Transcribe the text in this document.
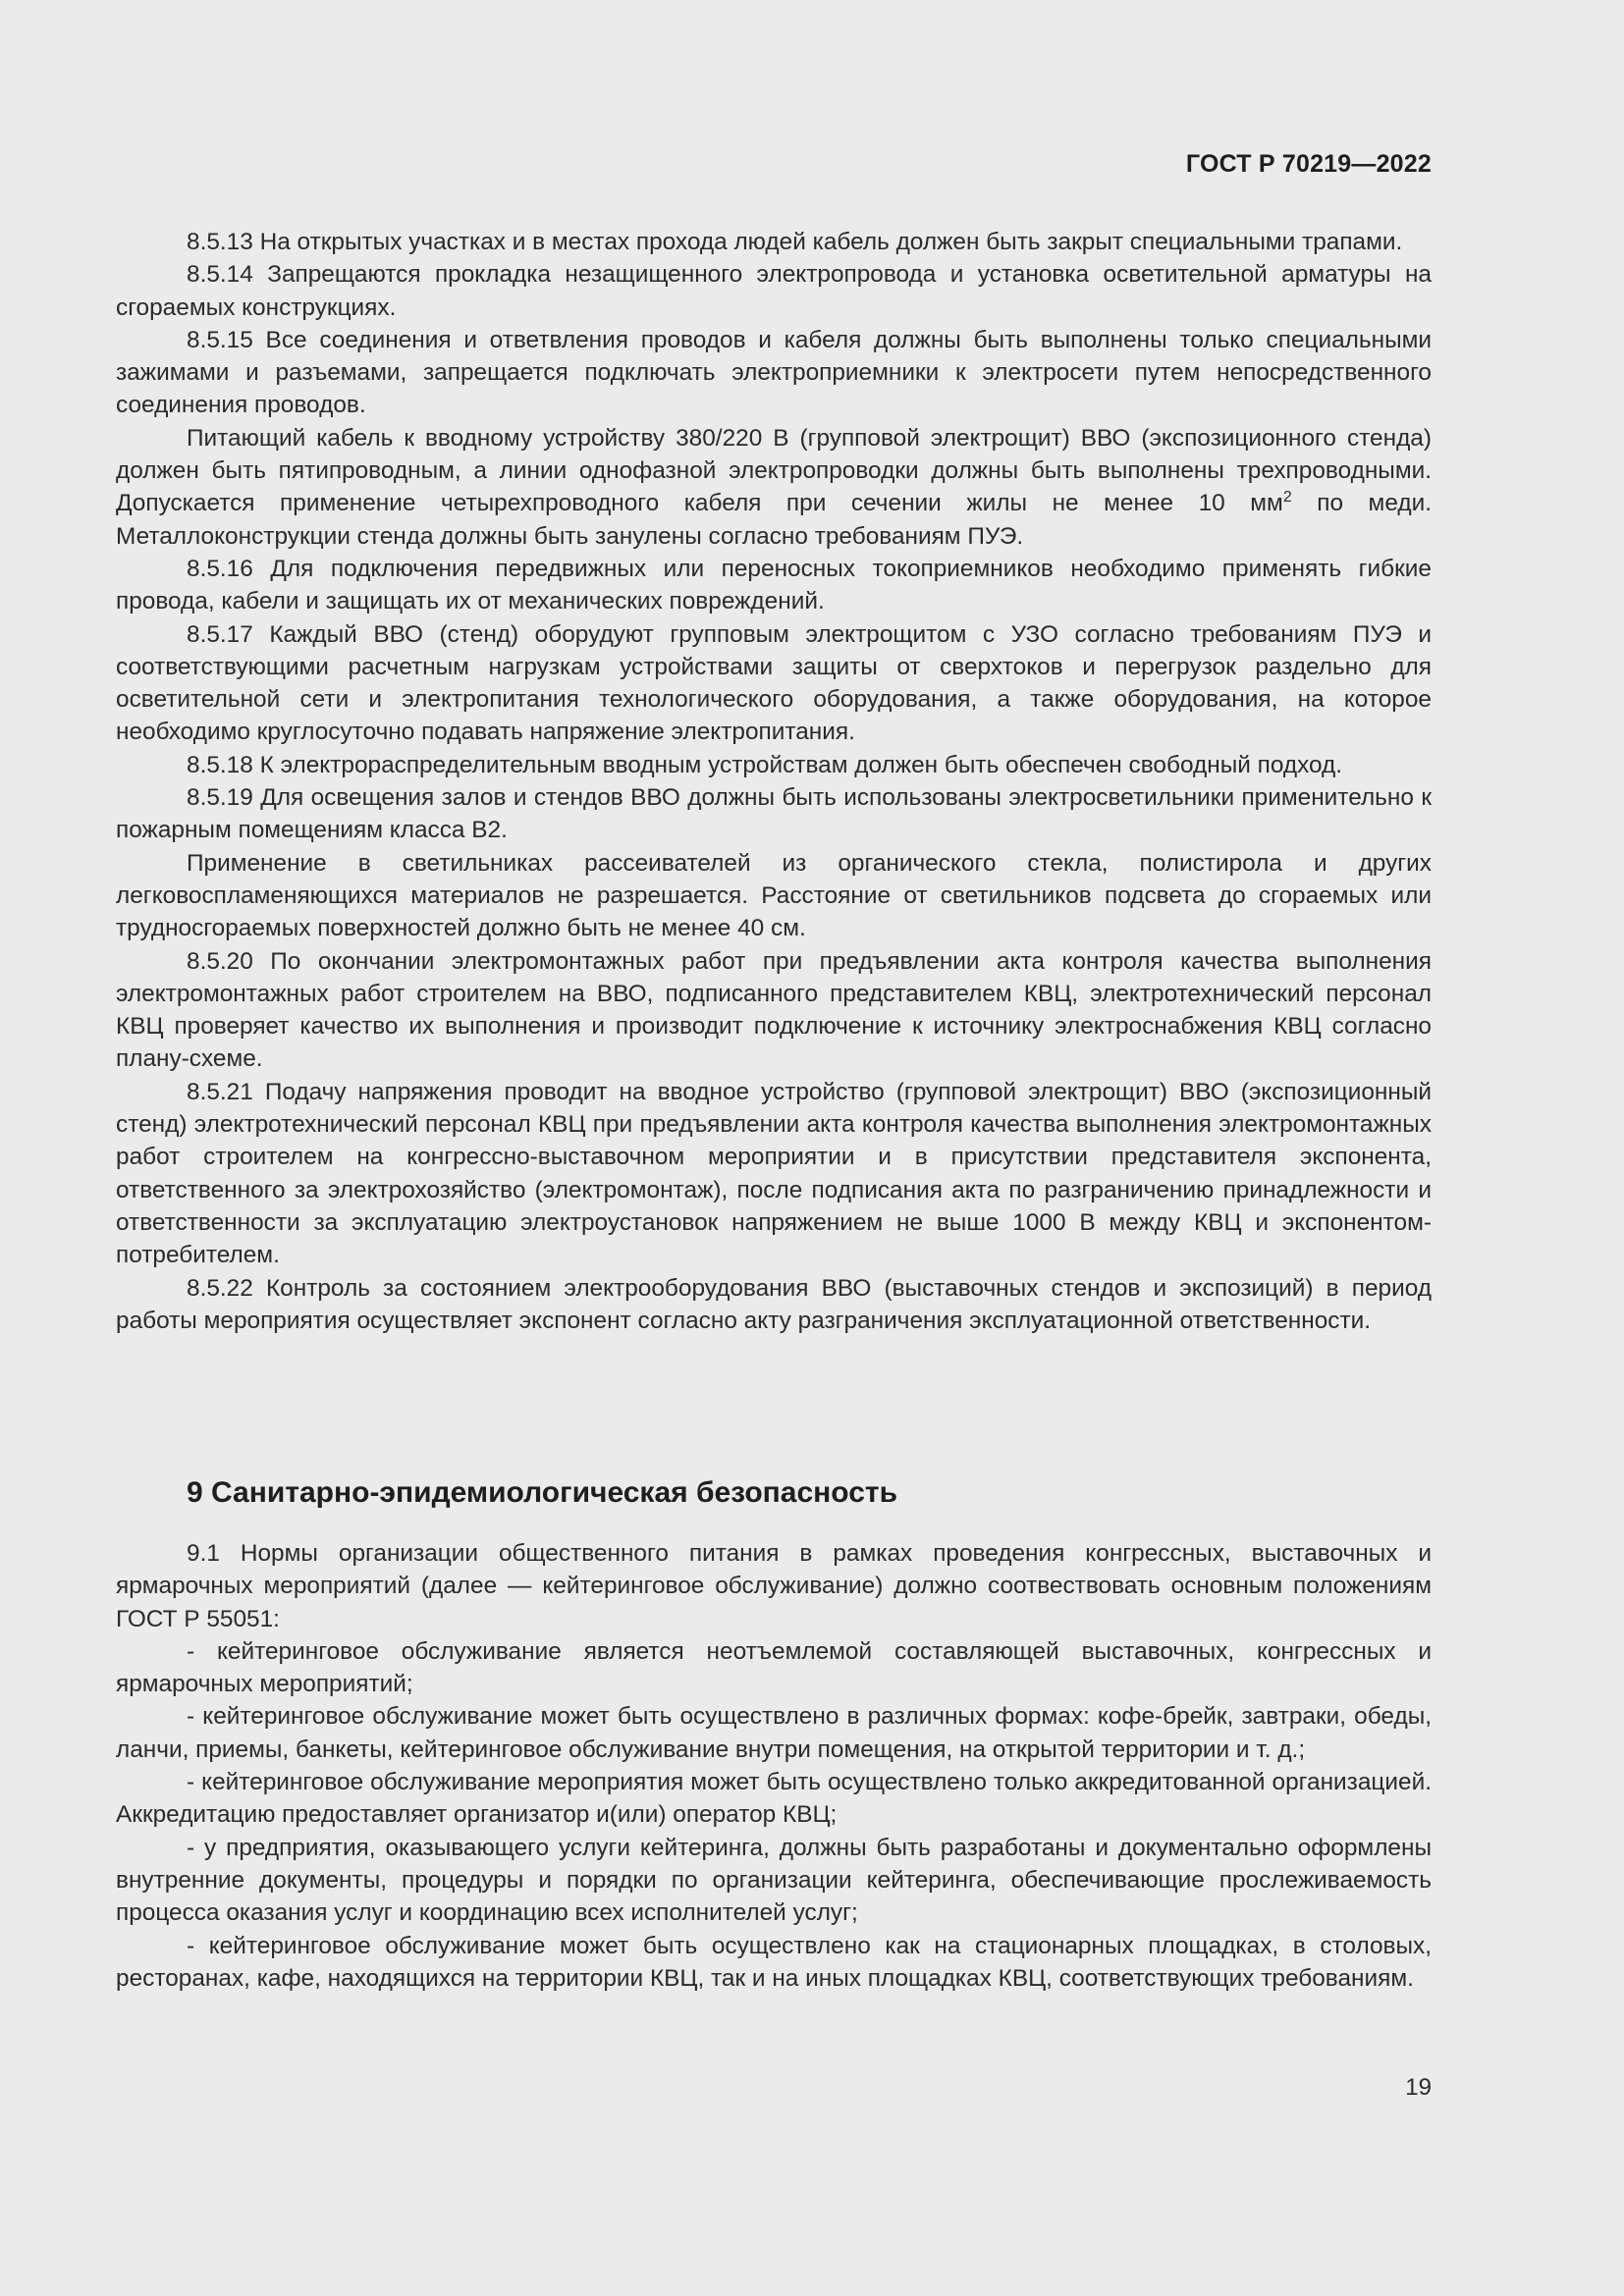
ГОСТ Р 70219—2022

8.5.13 На открытых участках и в местах прохода людей кабель должен быть закрыт специальными трапами.

8.5.14 Запрещаются прокладка незащищенного электропровода и установка осветительной арматуры на сгораемых конструкциях.

8.5.15 Все соединения и ответвления проводов и кабеля должны быть выполнены только специальными зажимами и разъемами, запрещается подключать электроприемники к электросети путем непосредственного соединения проводов.

Питающий кабель к вводному устройству 380/220 В (групповой электрощит) ВВО (экспозиционного стенда) должен быть пятипроводным, а линии однофазной электропроводки должны быть выполнены трехпроводными. Допускается применение четырехпроводного кабеля при сечении жилы не менее 10 $мм^2$ по меди. Металлоконструкции стенда должны быть занулены согласно требованиям ПУЭ.

8.5.16 Для подключения передвижных или переносных токоприемников необходимо применять гибкие провода, кабели и защищать их от механических повреждений.

8.5.17 Каждый ВВО (стенд) оборудуют групповым электрощитом с УЗО согласно требованиям ПУЭ и соответствующими расчетным нагрузкам устройствами защиты от сверхтоков и перегрузок раздельно для осветительной сети и электропитания технологического оборудования, а также оборудования, на которое необходимо круглосуточно подавать напряжение электропитания.

8.5.18 К электрораспределительным вводным устройствам должен быть обеспечен свободный подход.

8.5.19 Для освещения залов и стендов ВВО должны быть использованы электросветильники применительно к пожарным помещениям класса В2.

Применение в светильниках рассеивателей из органического стекла, полистирола и других легковоспламеняющихся материалов не разрешается. Расстояние от светильников подсвета до сгораемых или трудносгораемых поверхностей должно быть не менее 40 см.

8.5.20 По окончании электромонтажных работ при предъявлении акта контроля качества выполнения электромонтажных работ строителем на ВВО, подписанного представителем КВЦ, электротехнический персонал КВЦ проверяет качество их выполнения и производит подключение к источнику электроснабжения КВЦ согласно плану-схеме.

8.5.21 Подачу напряжения проводит на вводное устройство (групповой электрощит) ВВО (экспозиционный стенд) электротехнический персонал КВЦ при предъявлении акта контроля качества выполнения электромонтажных работ строителем на конгрессно-выставочном мероприятии и в присутствии представителя экспонента, ответственного за электрохозяйство (электромонтаж), после подписания акта по разграничению принадлежности и ответственности за эксплуатацию электроустановок напряжением не выше 1000 В между КВЦ и экспонентом-потребителем.

8.5.22 Контроль за состоянием электрооборудования ВВО (выставочных стендов и экспозиций) в период работы мероприятия осуществляет экспонент согласно акту разграничения эксплуатационной ответственности.

9 Санитарно-эпидемиологическая безопасность

9.1 Нормы организации общественного питания в рамках проведения конгрессных, выставочных и ярмарочных мероприятий (далее — кейтеринговое обслуживание) должно соотвествовать основным положениям ГОСТ Р 55051:

- кейтеринговое обслуживание является неотъемлемой составляющей выставочных, конгрессных и ярмарочных мероприятий;

- кейтеринговое обслуживание может быть осуществлено в различных формах: кофе-брейк, завтраки, обеды, ланчи, приемы, банкеты, кейтеринговое обслуживание внутри помещения, на открытой территории и т. д.;

- кейтеринговое обслуживание мероприятия может быть осуществлено только аккредитованной организацией. Аккредитацию предоставляет организатор и(или) оператор КВЦ;

- у предприятия, оказывающего услуги кейтеринга, должны быть разработаны и документально оформлены внутренние документы, процедуры и порядки по организации кейтеринга, обеспечивающие прослеживаемость процесса оказания услуг и координацию всех исполнителей услуг;

- кейтеринговое обслуживание может быть осуществлено как на стационарных площадках, в столовых, ресторанах, кафе, находящихся на территории КВЦ, так и на иных площадках КВЦ, соответствующих требованиям.

19
